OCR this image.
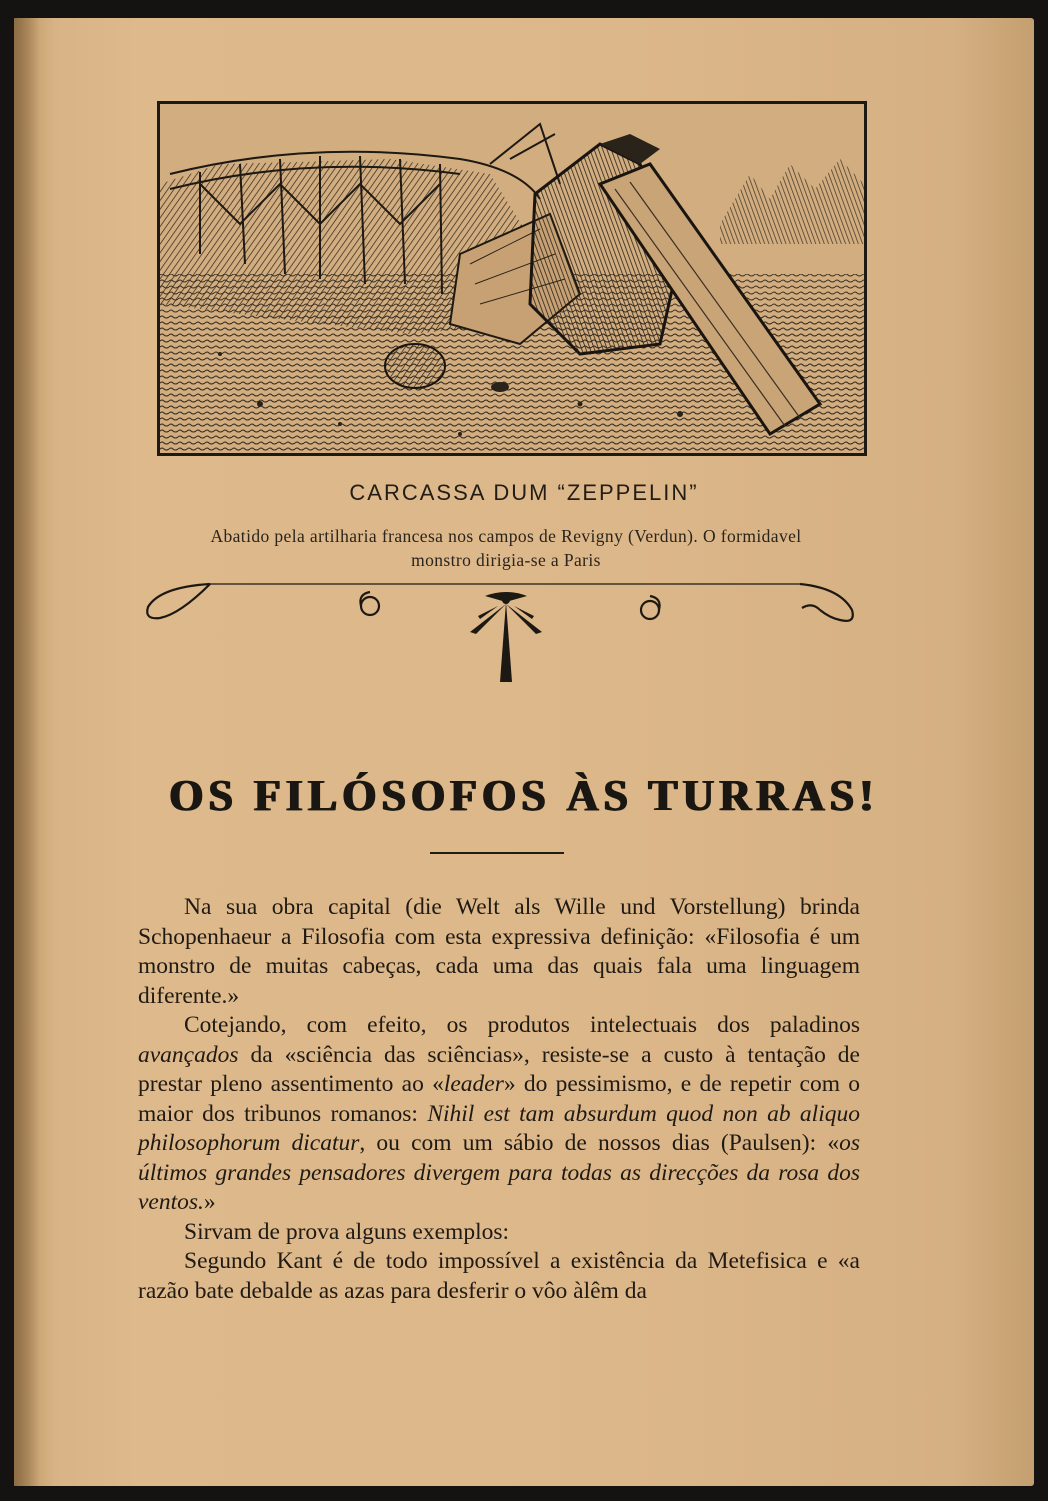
CARCASSA DUM “ZEPPELIN”
Abatido pela artilharia francesa nos campos de Revigny (Verdun). O formidavel
monstro dirigia-se a Paris
OS FILÓSOFOS ÀS TURRAS!

Na sua obra capital (die Welt als Wille und Vorstellung) brinda Schopenhaeur a Filosofia com esta expressiva definição: «Filosofia é um monstro de muitas cabeças, cada uma das quais fala uma linguagem diferente.»

Cotejando, com efeito, os produtos intelectuais dos paladinos avançados da «sciência das sciências», resiste-se a custo à tentação de prestar pleno assentimento ao «leader» do pessimismo, e de repetir com o maior dos tribunos romanos: Nihil est tam absurdum quod non ab aliquo philosophorum dicatur, ou com um sábio de nossos dias (Paulsen): «os últimos grandes pensadores divergem para todas as direcções da rosa dos ventos.»

Sirvam de prova alguns exemplos:

Segundo Kant é de todo impossível a existência da Metefisica e «a razão bate debalde as azas para desferir o vôo àlêm da
